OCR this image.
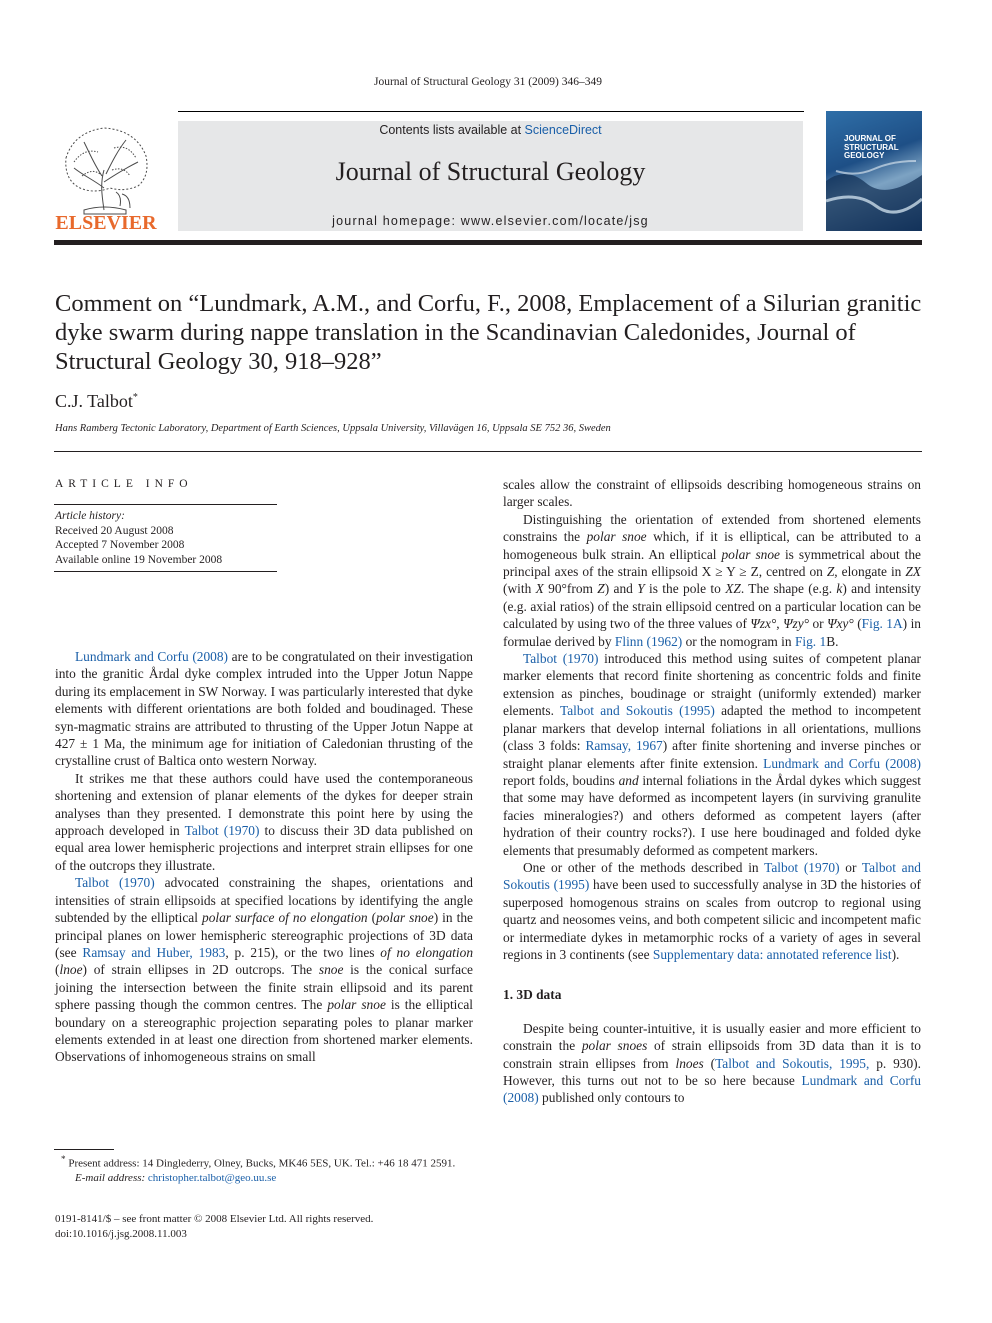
Journal of Structural Geology 31 (2009) 346–349
ELSEVIER
Contents lists available at ScienceDirect
Journal of Structural Geology
journal homepage: www.elsevier.com/locate/jsg
JOURNAL OF
STRUCTURAL
GEOLOGY
Comment on “Lundmark, A.M., and Corfu, F., 2008, Emplacement of a Silurian granitic dyke swarm during nappe translation in the Scandinavian Caledonides, Journal of Structural Geology 30, 918–928”
C.J. Talbot*
Hans Ramberg Tectonic Laboratory, Department of Earth Sciences, Uppsala University, Villavägen 16, Uppsala SE 752 36, Sweden
ARTICLE INFO
Article history:
Received 20 August 2008
Accepted 7 November 2008
Available online 19 November 2008

Lundmark and Corfu (2008) are to be congratulated on their investigation into the granitic Årdal dyke complex intruded into the Upper Jotun Nappe during its emplacement in SW Norway. I was particularly interested that dyke elements with different orientations are both folded and boudinaged. These syn-magmatic strains are attributed to thrusting of the Upper Jotun Nappe at 427 ± 1 Ma, the minimum age for initiation of Caledonian thrusting of the crystalline crust of Baltica onto western Norway.

It strikes me that these authors could have used the contemporaneous shortening and extension of planar elements of the dykes for deeper strain analyses than they presented. I demonstrate this point here by using the approach developed in Talbot (1970) to discuss their 3D data published on equal area lower hemispheric projections and interpret strain ellipses for one of the outcrops they illustrate.

Talbot (1970) advocated constraining the shapes, orientations and intensities of strain ellipsoids at specified locations by identifying the angle subtended by the elliptical polar surface of no elongation (polar snoe) in the principal planes on lower hemispheric stereographic projections of 3D data (see Ramsay and Huber, 1983, p. 215), or the two lines of no elongation (lnoe) of strain ellipses in 2D outcrops. The snoe is the conical surface joining the intersection between the finite strain ellipsoid and its parent sphere passing though the common centres. The polar snoe is the elliptical boundary on a stereographic projection separating poles to planar marker elements extended in at least one direction from shortened marker elements. Observations of inhomogeneous strains on small

scales allow the constraint of ellipsoids describing homogeneous strains on larger scales.

Distinguishing the orientation of extended from shortened elements constrains the polar snoe which, if it is elliptical, can be attributed to a homogeneous bulk strain. An elliptical polar snoe is symmetrical about the principal axes of the strain ellipsoid X ≥ Y ≥ Z, centred on Z, elongate in ZX (with X 90°from Z) and Y is the pole to XZ. The shape (e.g. k) and intensity (e.g. axial ratios) of the strain ellipsoid centred on a particular location can be calculated by using two of the three values of Ψzx°, Ψzy° or Ψxy° (Fig. 1A) in formulae derived by Flinn (1962) or the nomogram in Fig. 1B.

Talbot (1970) introduced this method using suites of competent planar marker elements that record finite shortening as concentric folds and finite extension as pinches, boudinage or straight (uniformly extended) marker elements. Talbot and Sokoutis (1995) adapted the method to incompetent planar markers that develop internal foliations in all orientations, mullions (class 3 folds: Ramsay, 1967) after finite shortening and inverse pinches or straight planar elements after finite extension. Lundmark and Corfu (2008) report folds, boudins and internal foliations in the Årdal dykes which suggest that some may have deformed as incompetent layers (in surviving granulite facies mineralogies?) and others deformed as competent layers (after hydration of their country rocks?). I use here boudinaged and folded dyke elements that presumably deformed as competent markers.

One or other of the methods described in Talbot (1970) or Talbot and Sokoutis (1995) have been used to successfully analyse in 3D the histories of superposed homogenous strains on scales from outcrop to regional using quartz and neosomes veins, and both competent silicic and incompetent mafic or intermediate dykes in metamorphic rocks of a variety of ages in several regions in 3 continents (see Supplementary data: annotated reference list).

1. 3D data

Despite being counter-intuitive, it is usually easier and more efficient to constrain the polar snoes of strain ellipsoids from 3D data than it is to constrain strain ellipses from lnoes (Talbot and Sokoutis, 1995, p. 930). However, this turns out not to be so here because Lundmark and Corfu (2008) published only contours to

* Present address: 14 Dinglederry, Olney, Bucks, MK46 5ES, UK. Tel.: +46 18 471 2591.
E-mail address: christopher.talbot@geo.uu.se
0191-8141/$ – see front matter © 2008 Elsevier Ltd. All rights reserved.
doi:10.1016/j.jsg.2008.11.003
